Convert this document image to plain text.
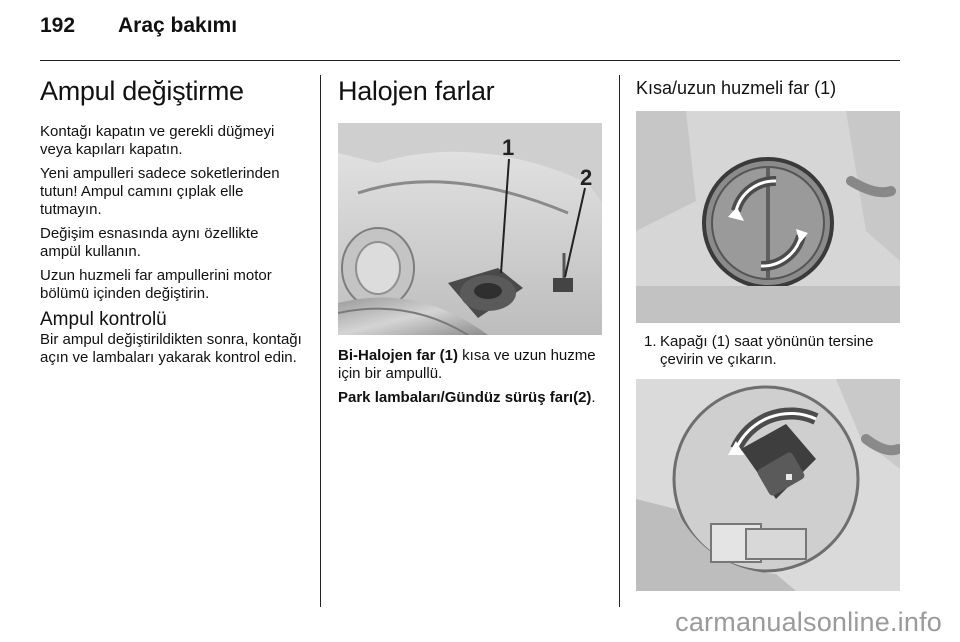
192 Araç bakımı
Ampul değiştirme

Kontağı kapatın ve gerekli düğmeyi veya kapıları kapatın.

Yeni ampulleri sadece soketlerinden tutun! Ampul camını çıplak elle tutmayın.

Değişim esnasında aynı özellikte ampül kullanın.

Uzun huzmeli far ampullerini motor bölümü içinden değiştirin.

Ampul kontrolü

Bir ampul değiştirildikten sonra, kontağı açın ve lambaları yakarak kontrol edin.

Halojen farlar
1
2

Bi-Halojen far (1) kısa ve uzun huzme için bir ampullü.

Park lambaları/Gündüz sürüş farı(2).

Kısa/uzun huzmeli far (1)
1. Kapağı (1) saat yönünün tersine çevirin ve çıkarın.
carmanualsonline.info
